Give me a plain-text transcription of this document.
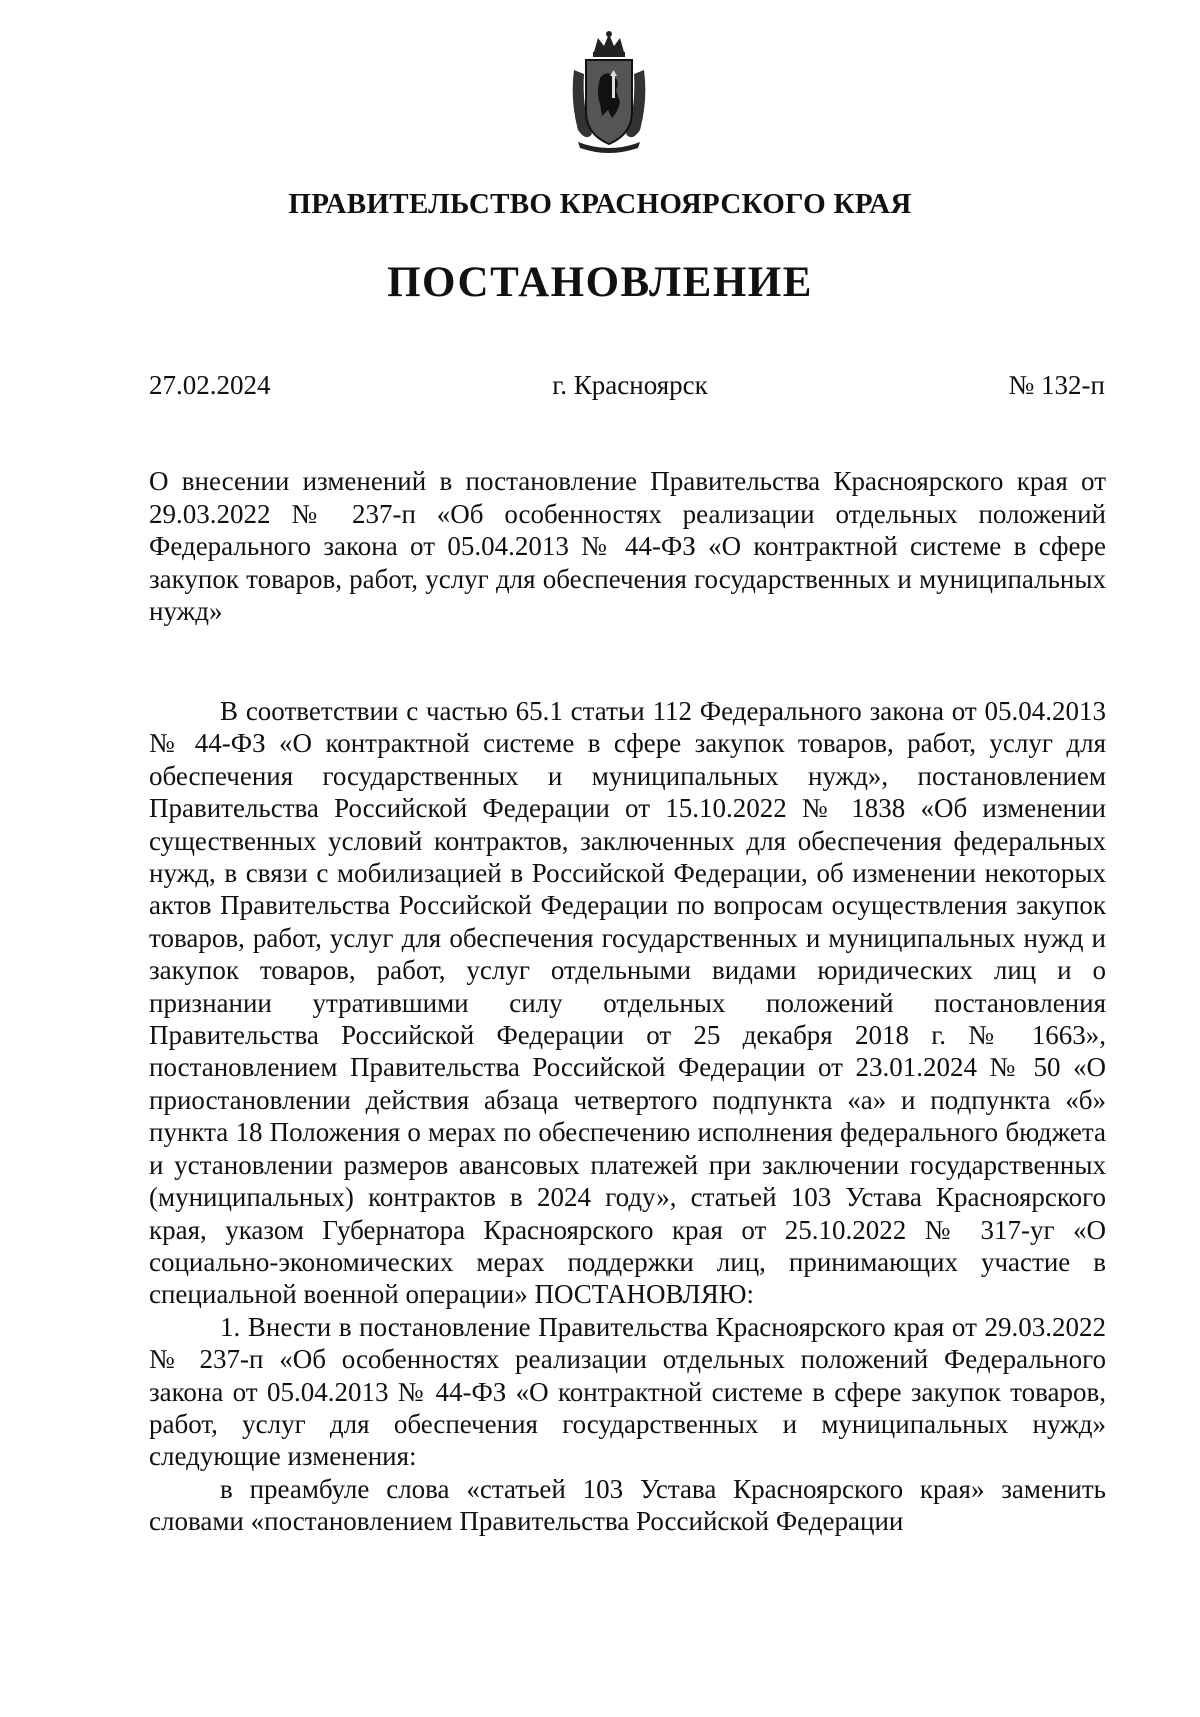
ПРАВИТЕЛЬСТВО КРАСНОЯРСКОГО КРАЯ
ПОСТАНОВЛЕНИЕ
27.02.2024	г. Красноярск	№ 132-п

О внесении изменений в постановление Правительства Красноярского края от 29.03.2022 № 237-п «Об особенностях реализации отдельных положений Федерального закона от 05.04.2013 № 44-ФЗ «О контрактной системе в сфере закупок товаров, работ, услуг для обеспечения государственных и муниципальных нужд»

В соответствии с частью 65.1 статьи 112 Федерального закона от 05.04.2013 № 44-ФЗ «О контрактной системе в сфере закупок товаров, работ, услуг для обеспечения государственных и муниципальных нужд», постановлением Правительства Российской Федерации от 15.10.2022 № 1838 «Об изменении существенных условий контрактов, заключенных для обеспечения федеральных нужд, в связи с мобилизацией в Российской Федерации, об изменении некоторых актов Правительства Российской Федерации по вопросам осуществления закупок товаров, работ, услуг для обеспечения государственных и муниципальных нужд и закупок товаров, работ, услуг отдельными видами юридических лиц и о признании утратившими силу отдельных положений постановления Правительства Российской Федерации от 25 декабря 2018 г. № 1663», постановлением Правительства Российской Федерации от 23.01.2024 № 50 «О приостановлении действия абзаца четвертого подпункта «а» и подпункта «б» пункта 18 Положения о мерах по обеспечению исполнения федерального бюджета и установлении размеров авансовых платежей при заключении государственных (муниципальных) контрактов в 2024 году», статьей 103 Устава Красноярского края, указом Губернатора Красноярского края от 25.10.2022 № 317-уг «О социально-экономических мерах поддержки лиц, принимающих участие в специальной военной операции» ПОСТАНОВЛЯЮ:

1. Внести в постановление Правительства Красноярского края от 29.03.2022 № 237-п «Об особенностях реализации отдельных положений Федерального закона от 05.04.2013 № 44-ФЗ «О контрактной системе в сфере закупок товаров, работ, услуг для обеспечения государственных и муниципальных нужд» следующие изменения:

в преамбуле слова «статьей 103 Устава Красноярского края» заменить словами «постановлением Правительства Российской Федерации
